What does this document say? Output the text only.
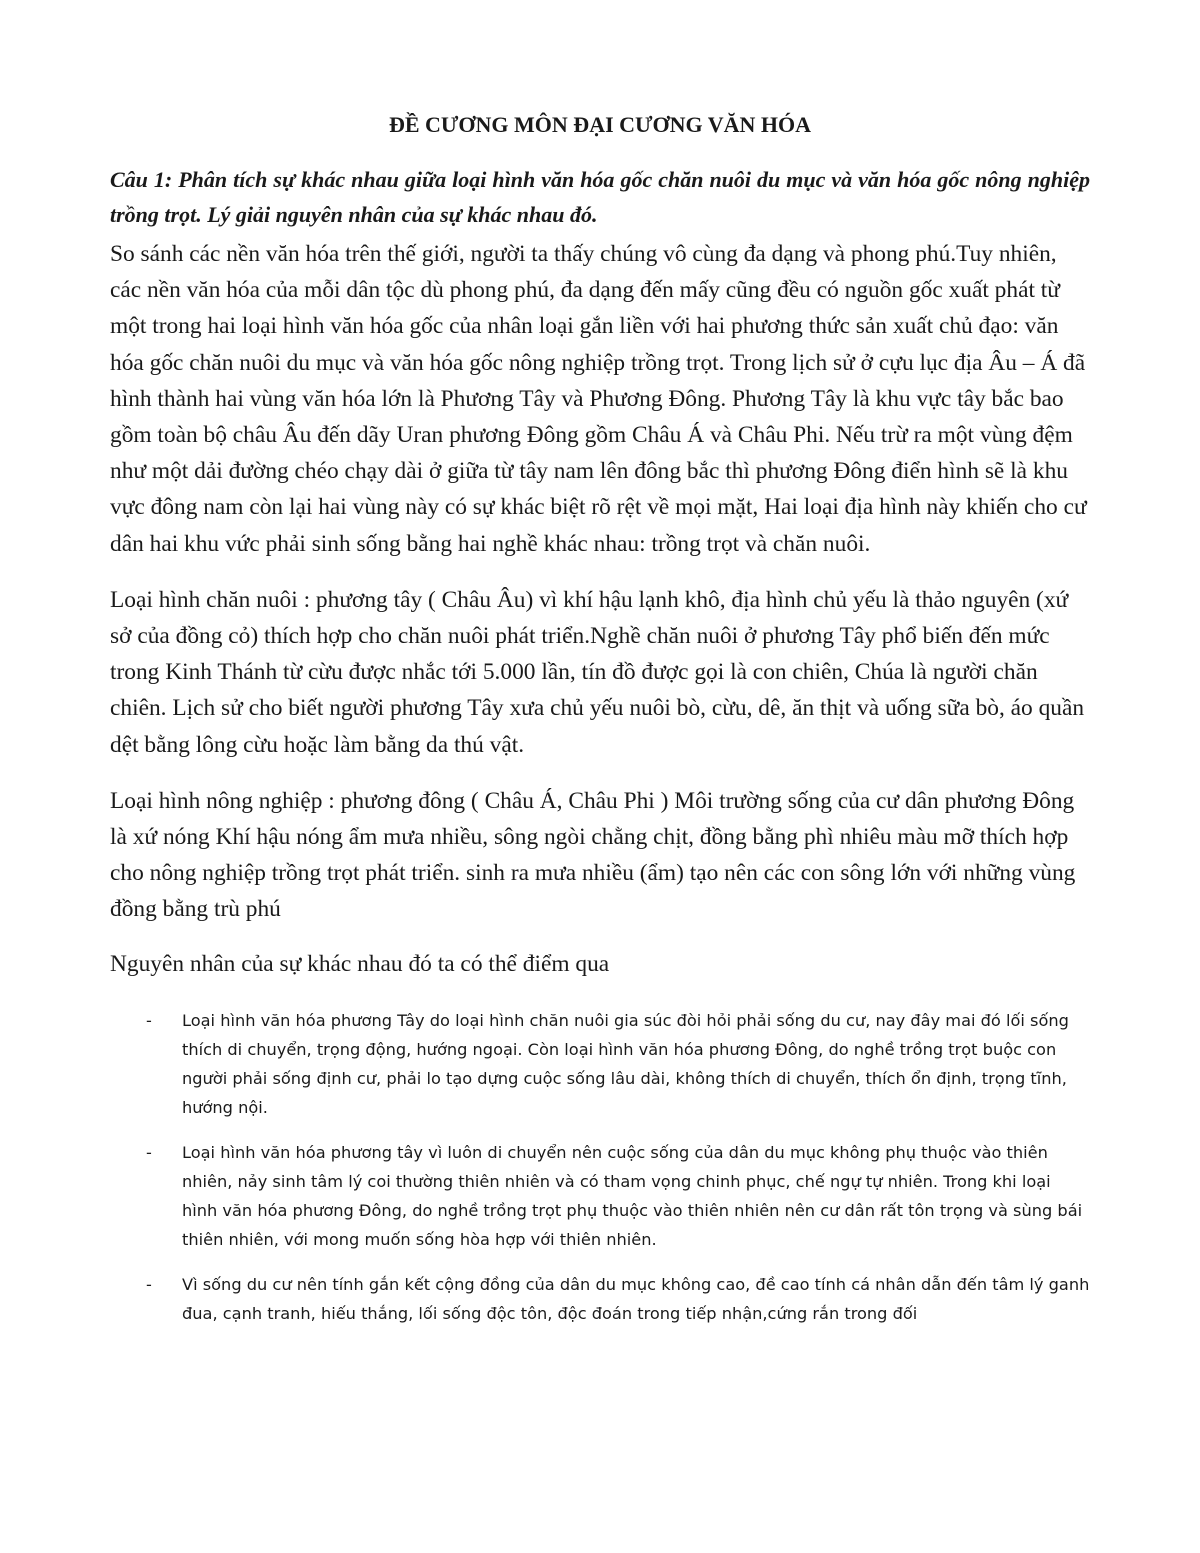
ĐỀ CƯƠNG MÔN ĐẠI CƯƠNG VĂN HÓA

Câu 1: Phân tích sự khác nhau giữa loại hình văn hóa gốc chăn nuôi du mục và văn hóa gốc nông nghiệp trồng trọt. Lý giải nguyên nhân của sự khác nhau đó.

So sánh các nền văn hóa trên thế giới, người ta thấy chúng vô cùng đa dạng và phong phú.Tuy nhiên, các nền văn hóa của mỗi dân tộc dù phong phú, đa dạng đến mấy cũng đều có nguồn gốc xuất phát từ một trong hai loại hình văn hóa gốc của nhân loại gắn liền với hai phương thức sản xuất chủ đạo: văn hóa gốc chăn nuôi du mục và văn hóa gốc nông nghiệp trồng trọt. Trong lịch sử ở cựu lục địa Âu – Á đã hình thành hai vùng văn hóa lớn là Phương Tây và Phương Đông. Phương Tây là khu vực tây bắc bao gồm toàn bộ châu Âu đến dãy Uran phương Đông gồm Châu Á và Châu Phi. Nếu trừ ra một vùng đệm như một dải đường chéo chạy dài ở giữa từ tây nam lên đông bắc thì phương Đông điển hình sẽ là khu vực đông nam còn lại hai vùng này có sự khác biệt rõ rệt về mọi mặt, Hai loại địa hình này khiến cho cư dân hai khu vức phải sinh sống bằng hai nghề khác nhau: trồng trọt và chăn nuôi.

Loại hình chăn nuôi : phương tây ( Châu Âu) vì khí hậu lạnh khô, địa hình chủ yếu là thảo nguyên (xứ sở của đồng cỏ) thích hợp cho chăn nuôi phát triển.Nghề chăn nuôi ở phương Tây phổ biến đến mức trong Kinh Thánh từ cừu được nhắc tới 5.000 lần, tín đồ được gọi là con chiên, Chúa là người chăn chiên. Lịch sử cho biết người phương Tây xưa chủ yếu nuôi bò, cừu, dê, ăn thịt và uống sữa bò, áo quần dệt bằng lông cừu hoặc làm bằng da thú vật.

Loại hình nông nghiệp : phương đông ( Châu Á, Châu Phi ) Môi trường sống của cư dân phương Đông là xứ nóng Khí hậu nóng ẩm mưa nhiều, sông ngòi chằng chịt, đồng bằng phì nhiêu màu mỡ thích hợp cho nông nghiệp trồng trọt phát triển. sinh ra mưa nhiều (ẩm) tạo nên các con sông lớn với những vùng đồng bằng trù phú

Nguyên nhân của sự khác nhau đó ta có thể điểm qua

- Loại hình văn hóa phương Tây do loại hình chăn nuôi gia súc đòi hỏi phải sống du cư, nay đây mai đó lối sống thích di chuyển, trọng động, hướng ngoại. Còn loại hình văn hóa phương Đông, do nghề trồng trọt buộc con người phải sống định cư, phải lo tạo dựng cuộc sống lâu dài, không thích di chuyển, thích ổn định, trọng tĩnh, hướng nội.
- Loại hình văn hóa phương tây vì luôn di chuyển nên cuộc sống của dân du mục không phụ thuộc vào thiên nhiên, nảy sinh tâm lý coi thường thiên nhiên và có tham vọng chinh phục, chế ngự tự nhiên. Trong khi loại hình văn hóa phương Đông, do nghề trồng trọt phụ thuộc vào thiên nhiên nên cư dân rất tôn trọng và sùng bái thiên nhiên, với mong muốn sống hòa hợp với thiên nhiên.
- Vì sống du cư nên tính gắn kết cộng đồng của dân du mục không cao, đề cao tính cá nhân dẫn đến tâm lý ganh đua, cạnh tranh, hiếu thắng, lối sống độc tôn, độc đoán trong tiếp nhận,cứng rắn trong đối
